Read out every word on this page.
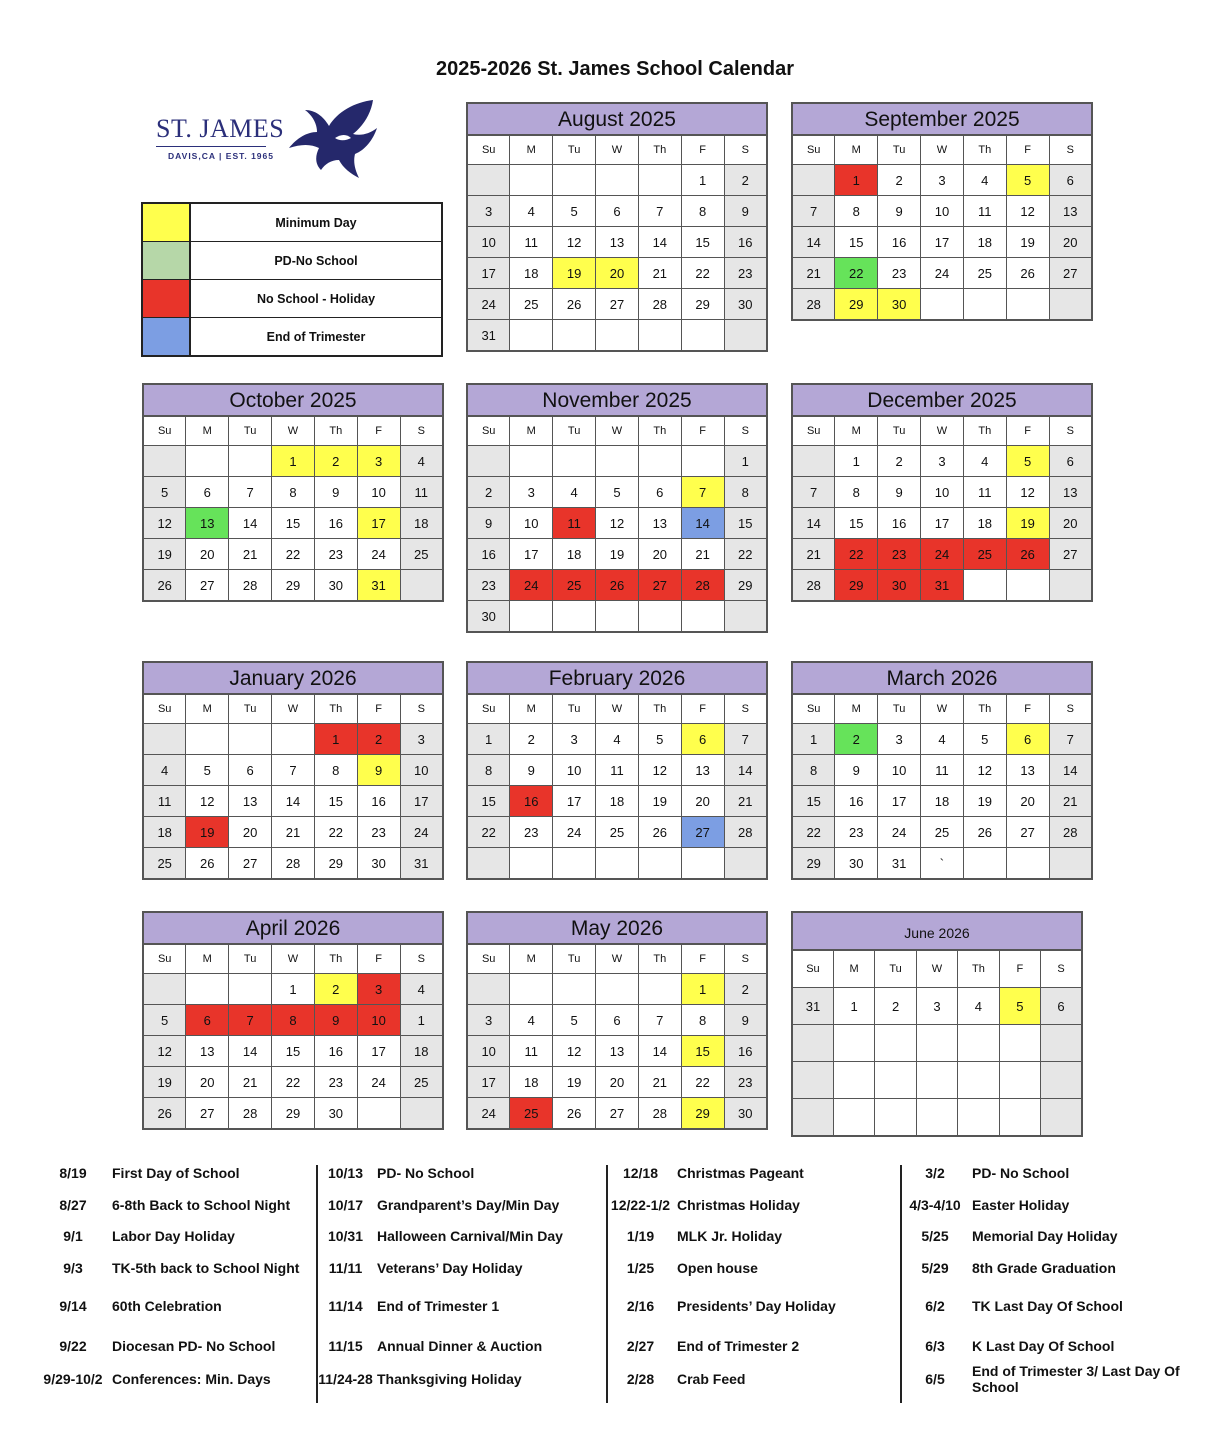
2025-2026 St. James School Calendar
ST. JAMES
DAVIS,CA | EST. 1965
Minimum Day
PD-No School
No School - Holiday
End of Trimester
August 2025
Su	M	Tu	W	Th	F	S
					1	2
3	4	5	6	7	8	9
10	11	12	13	14	15	16
17	18	19	20	21	22	23
24	25	26	27	28	29	30
31						
September 2025
Su	M	Tu	W	Th	F	S
	1	2	3	4	5	6
7	8	9	10	11	12	13
14	15	16	17	18	19	20
21	22	23	24	25	26	27
28	29	30				
October 2025
Su	M	Tu	W	Th	F	S
			1	2	3	4
5	6	7	8	9	10	11
12	13	14	15	16	17	18
19	20	21	22	23	24	25
26	27	28	29	30	31	
November 2025
Su	M	Tu	W	Th	F	S
						1
2	3	4	5	6	7	8
9	10	11	12	13	14	15
16	17	18	19	20	21	22
23	24	25	26	27	28	29
30						
December 2025
Su	M	Tu	W	Th	F	S
	1	2	3	4	5	6
7	8	9	10	11	12	13
14	15	16	17	18	19	20
21	22	23	24	25	26	27
28	29	30	31			
January 2026
Su	M	Tu	W	Th	F	S
				1	2	3
4	5	6	7	8	9	10
11	12	13	14	15	16	17
18	19	20	21	22	23	24
25	26	27	28	29	30	31
February 2026
Su	M	Tu	W	Th	F	S
1	2	3	4	5	6	7
8	9	10	11	12	13	14
15	16	17	18	19	20	21
22	23	24	25	26	27	28

March 2026
Su	M	Tu	W	Th	F	S
1	2	3	4	5	6	7
8	9	10	11	12	13	14
15	16	17	18	19	20	21
22	23	24	25	26	27	28
29	30	31	`			
April 2026
Su	M	Tu	W	Th	F	S
			1	2	3	4
5	6	7	8	9	10	1
12	13	14	15	16	17	18
19	20	21	22	23	24	25
26	27	28	29	30		
May 2026
Su	M	Tu	W	Th	F	S
					1	2
3	4	5	6	7	8	9
10	11	12	13	14	15	16
17	18	19	20	21	22	23
24	25	26	27	28	29	30
June 2026
Su	M	Tu	W	Th	F	S
31	1	2	3	4	5	6

8/19	First Day of School
8/27	6-8th Back to School Night
9/1	Labor Day Holiday
9/3	TK-5th back to School Night
9/14	60th Celebration
9/22	Diocesan PD- No School
9/29-10/2 Conferences: Min. Days
10/13 PD- No School
10/17 Grandparent’s Day/Min Day
10/31 Halloween Carnival/Min Day
11/11	Veterans’ Day Holiday
11/14	End of Trimester 1
11/15	Annual Dinner & Auction
11/24-28 Thanksgiving Holiday
12/18	Christmas Pageant
12/22-1/2 Christmas Holiday
1/19	MLK Jr. Holiday
1/25	Open house
2/16	Presidents’ Day Holiday
2/27	End of Trimester 2
2/28	Crab Feed
3/2	PD- No School
4/3-4/10 Easter Holiday
5/25	Memorial Day Holiday
5/29	8th Grade Graduation
6/2	TK Last Day Of School
6/3	K Last Day Of School
6/5	End of Trimester 3/ Last Day Of School
